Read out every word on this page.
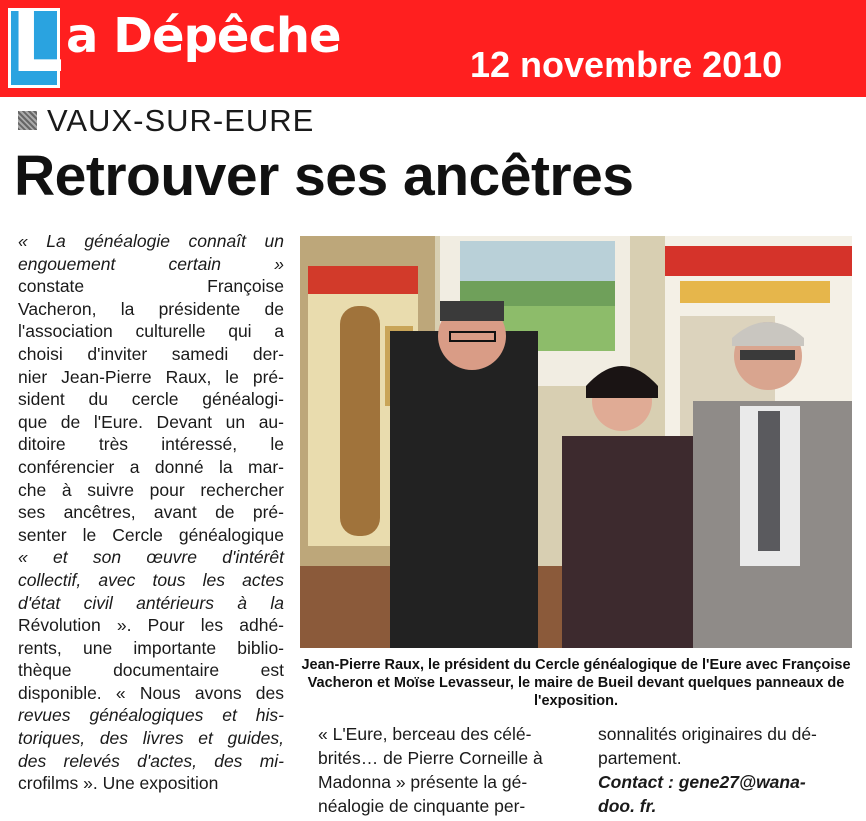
L a Dépêche
12 novembre 2010
VAUX-SUR-EURE
Retrouver ses ancêtres
« La généalogie connaît un
engouement certain »
constate Françoise
Vacheron, la présidente de
l'association culturelle qui a
choisi d'inviter samedi der-
nier Jean-Pierre Raux, le pré-
sident du cercle généalogi-
que de l'Eure. Devant un au-
ditoire très intéressé, le
conférencier a donné la mar-
che à suivre pour rechercher
ses ancêtres, avant de pré-
senter le Cercle généalogique
« et son œuvre d'intérêt
collectif, avec tous les actes
d'état civil antérieurs à la
Révolution ». Pour les adhé-
rents, une importante biblio-
thèque documentaire est
disponible. « Nous avons des
revues généalogiques et his-
toriques, des livres et guides,
des relevés d'actes, des mi-
crofilms ». Une exposition
Jean-Pierre Raux, le président du Cercle généalogique de l'Eure avec Françoise Vacheron et Moïse Levasseur, le maire de Bueil devant quelques panneaux de l'exposition.
« L'Eure, berceau des célé-
brités… de Pierre Corneille à
Madonna » présente la gé-
néalogie de cinquante per-
sonnalités originaires du dé-
partement.
Contact : gene27@wana-
doo. fr.
